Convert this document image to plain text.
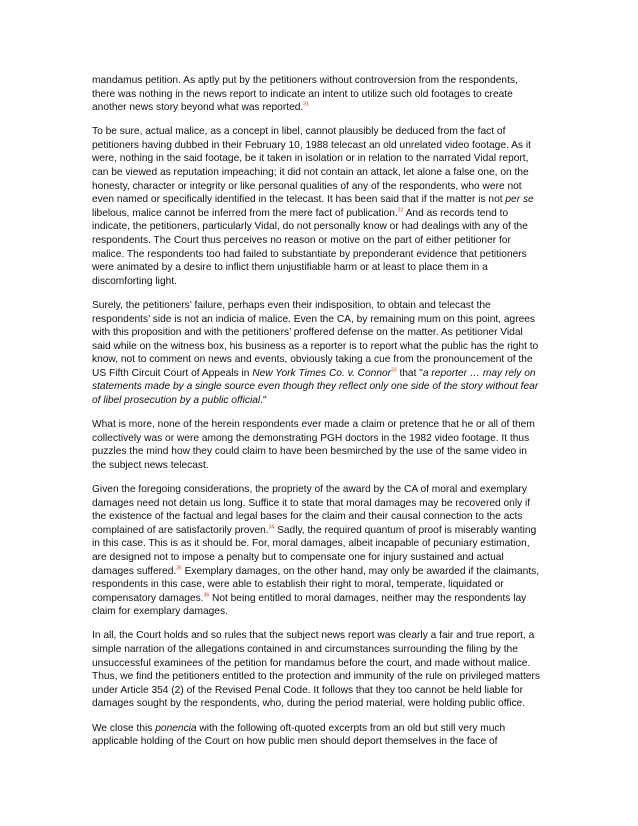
mandamus petition. As aptly put by the petitioners without controversion from the respondents, there was nothing in the news report to indicate an intent to utilize such old footages to create another news story beyond what was reported.$^{31}$

To be sure, actual malice, as a concept in libel, cannot plausibly be deduced from the fact of petitioners having dubbed in their February 10, 1988 telecast an old unrelated video footage. As it were, nothing in the said footage, be it taken in isolation or in relation to the narrated Vidal report, can be viewed as reputation impeaching; it did not contain an attack, let alone a false one, on the honesty, character or integrity or like personal qualities of any of the respondents, who were not even named or specifically identified in the telecast. It has been said that if the matter is not per se libelous, malice cannot be inferred from the mere fact of publication.$^{32}$ And as records tend to indicate, the petitioners, particularly Vidal, do not personally know or had dealings with any of the respondents. The Court thus perceives no reason or motive on the part of either petitioner for malice. The respondents too had failed to substantiate by preponderant evidence that petitioners were animated by a desire to inflict them unjustifiable harm or at least to place them in a discomforting light.

Surely, the petitioners’ failure, perhaps even their indisposition, to obtain and telecast the respondents’ side is not an indicia of malice. Even the CA, by remaining mum on this point, agrees with this proposition and with the petitioners’ proffered defense on the matter. As petitioner Vidal said while on the witness box, his business as a reporter is to report what the public has the right to know, not to comment on news and events, obviously taking a cue from the pronouncement of the US Fifth Circuit Court of Appeals in New York Times Co. v. Connor$^{33}$ that "a reporter … may rely on statements made by a single source even though they reflect only one side of the story without fear of libel prosecution by a public official."

What is more, none of the herein respondents ever made a claim or pretence that he or all of them collectively was or were among the demonstrating PGH doctors in the 1982 video footage. It thus puzzles the mind how they could claim to have been besmirched by the use of the same video in the subject news telecast.

Given the foregoing considerations, the propriety of the award by the CA of moral and exemplary damages need not detain us long. Suffice it to state that moral damages may be recovered only if the existence of the factual and legal bases for the claim and their causal connection to the acts complained of are satisfactorily proven.$^{34}$ Sadly, the required quantum of proof is miserably wanting in this case. This is as it should be. For, moral damages, albeit incapable of pecuniary estimation, are designed not to impose a penalty but to compensate one for injury sustained and actual damages suffered.$^{35}$ Exemplary damages, on the other hand, may only be awarded if the claimants, respondents in this case, were able to establish their right to moral, temperate, liquidated or compensatory damages.$^{36}$ Not being entitled to moral damages, neither may the respondents lay claim for exemplary damages.

In all, the Court holds and so rules that the subject news report was clearly a fair and true report, a simple narration of the allegations contained in and circumstances surrounding the filing by the unsuccessful examinees of the petition for mandamus before the court, and made without malice. Thus, we find the petitioners entitled to the protection and immunity of the rule on privileged matters under Article 354 (2) of the Revised Penal Code. It follows that they too cannot be held liable for damages sought by the respondents, who, during the period material, were holding public office.

We close this ponencia with the following oft-quoted excerpts from an old but still very much applicable holding of the Court on how public men should deport themselves in the face of
